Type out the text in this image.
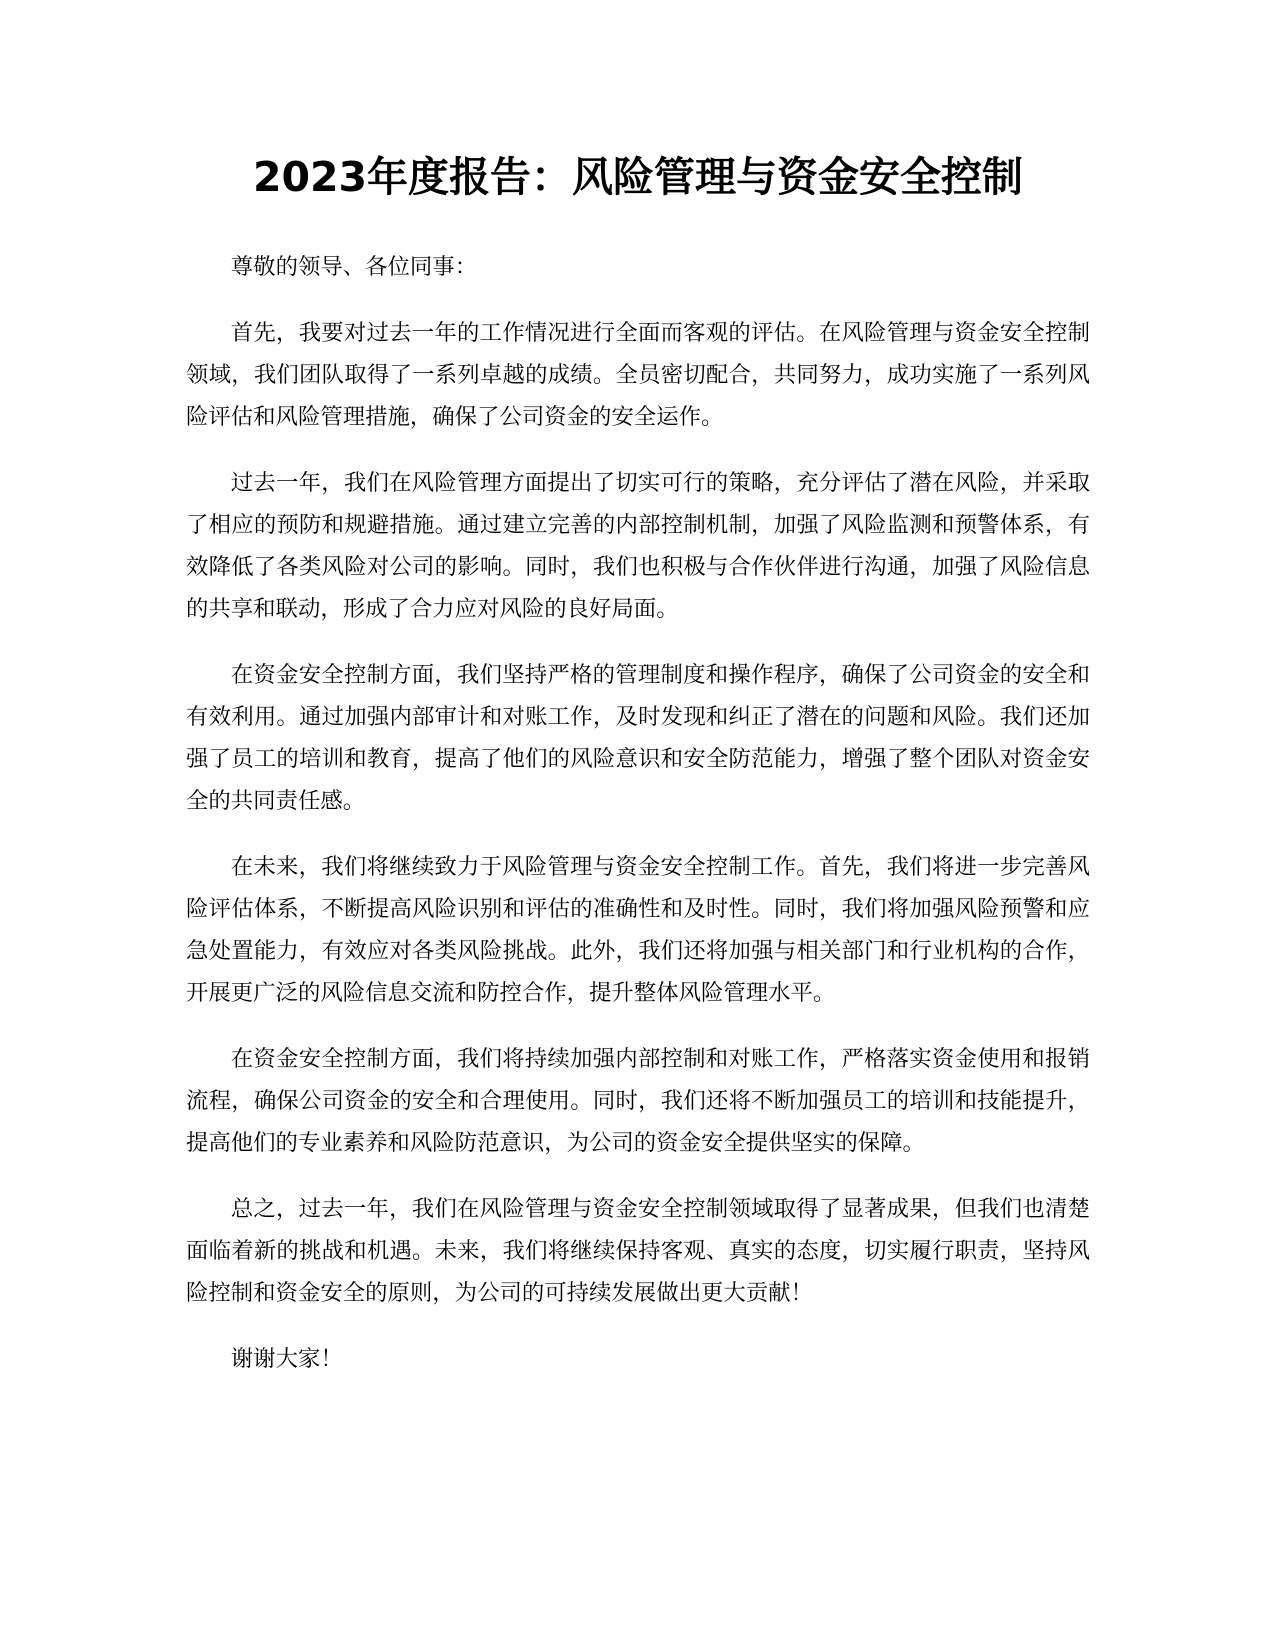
2023年度报告：风险管理与资金安全控制

尊敬的领导、各位同事：

首先，我要对过去一年的工作情况进行全面而客观的评估。在风险管理与资金安全控制领域，我们团队取得了一系列卓越的成绩。全员密切配合，共同努力，成功实施了一系列风险评估和风险管理措施，确保了公司资金的安全运作。

过去一年，我们在风险管理方面提出了切实可行的策略，充分评估了潜在风险，并采取了相应的预防和规避措施。通过建立完善的内部控制机制，加强了风险监测和预警体系，有效降低了各类风险对公司的影响。同时，我们也积极与合作伙伴进行沟通，加强了风险信息的共享和联动，形成了合力应对风险的良好局面。

在资金安全控制方面，我们坚持严格的管理制度和操作程序，确保了公司资金的安全和有效利用。通过加强内部审计和对账工作，及时发现和纠正了潜在的问题和风险。我们还加强了员工的培训和教育，提高了他们的风险意识和安全防范能力，增强了整个团队对资金安全的共同责任感。

在未来，我们将继续致力于风险管理与资金安全控制工作。首先，我们将进一步完善风险评估体系，不断提高风险识别和评估的准确性和及时性。同时，我们将加强风险预警和应急处置能力，有效应对各类风险挑战。此外，我们还将加强与相关部门和行业机构的合作，开展更广泛的风险信息交流和防控合作，提升整体风险管理水平。

在资金安全控制方面，我们将持续加强内部控制和对账工作，严格落实资金使用和报销流程，确保公司资金的安全和合理使用。同时，我们还将不断加强员工的培训和技能提升，提高他们的专业素养和风险防范意识，为公司的资金安全提供坚实的保障。

总之，过去一年，我们在风险管理与资金安全控制领域取得了显著成果，但我们也清楚面临着新的挑战和机遇。未来，我们将继续保持客观、真实的态度，切实履行职责，坚持风险控制和资金安全的原则，为公司的可持续发展做出更大贡献！

谢谢大家！
